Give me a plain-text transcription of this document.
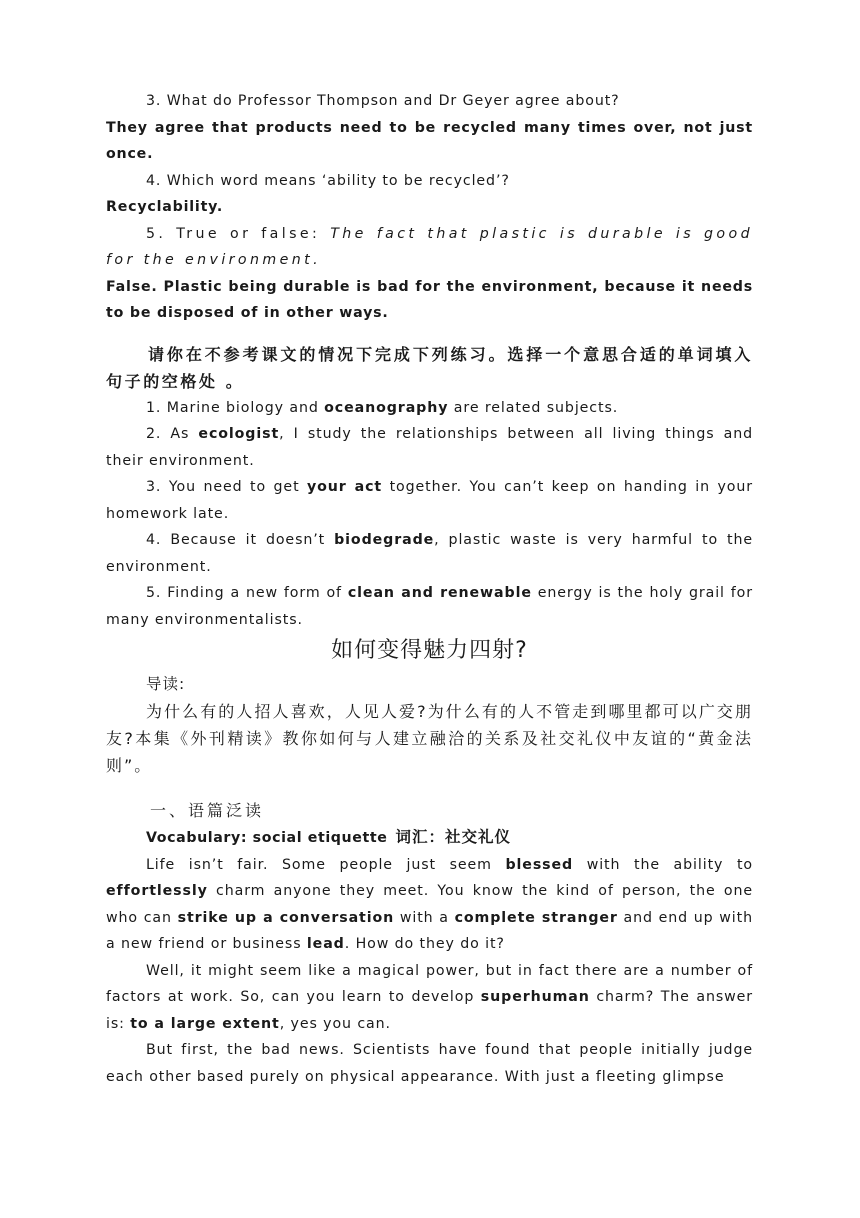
3. What do Professor Thompson and Dr Geyer agree about?

They agree that products need to be recycled many times over, not just once.

4. Which word means ‘ability to be recycled’?

Recyclability.

5. True or false: The fact that plastic is durable is good for the environment.

False. Plastic being durable is bad for the environment, because it needs to be disposed of in other ways.

请你在不参考课文的情况下完成下列练习。选择一个意思合适的单词填入句子的空格处 。

1. Marine biology and oceanography are related subjects.

2. As ecologist, I study the relationships between all living things and their environment.

3. You need to get your act together. You can’t keep on handing in your homework late.

4. Because it doesn’t biodegrade, plastic waste is very harmful to the environment.

5. Finding a new form of clean and renewable energy is the holy grail for many environmentalists.

如何变得魅力四射?

导读:

为什么有的人招人喜欢，人见人爱?为什么有的人不管走到哪里都可以广交朋友?本集《外刊精读》教你如何与人建立融洽的关系及社交礼仪中友谊的“黄金法则”。

一、语篇泛读

Vocabulary: social etiquette 词汇：社交礼仪

Life isn’t fair. Some people just seem blessed with the ability to effortlessly charm anyone they meet. You know the kind of person, the one who can strike up a conversation with a complete stranger and end up with a new friend or business lead. How do they do it?

Well, it might seem like a magical power, but in fact there are a number of factors at work. So, can you learn to develop superhuman charm? The answer is: to a large extent, yes you can.

But first, the bad news. Scientists have found that people initially judge each other based purely on physical appearance. With just a fleeting glimpse
